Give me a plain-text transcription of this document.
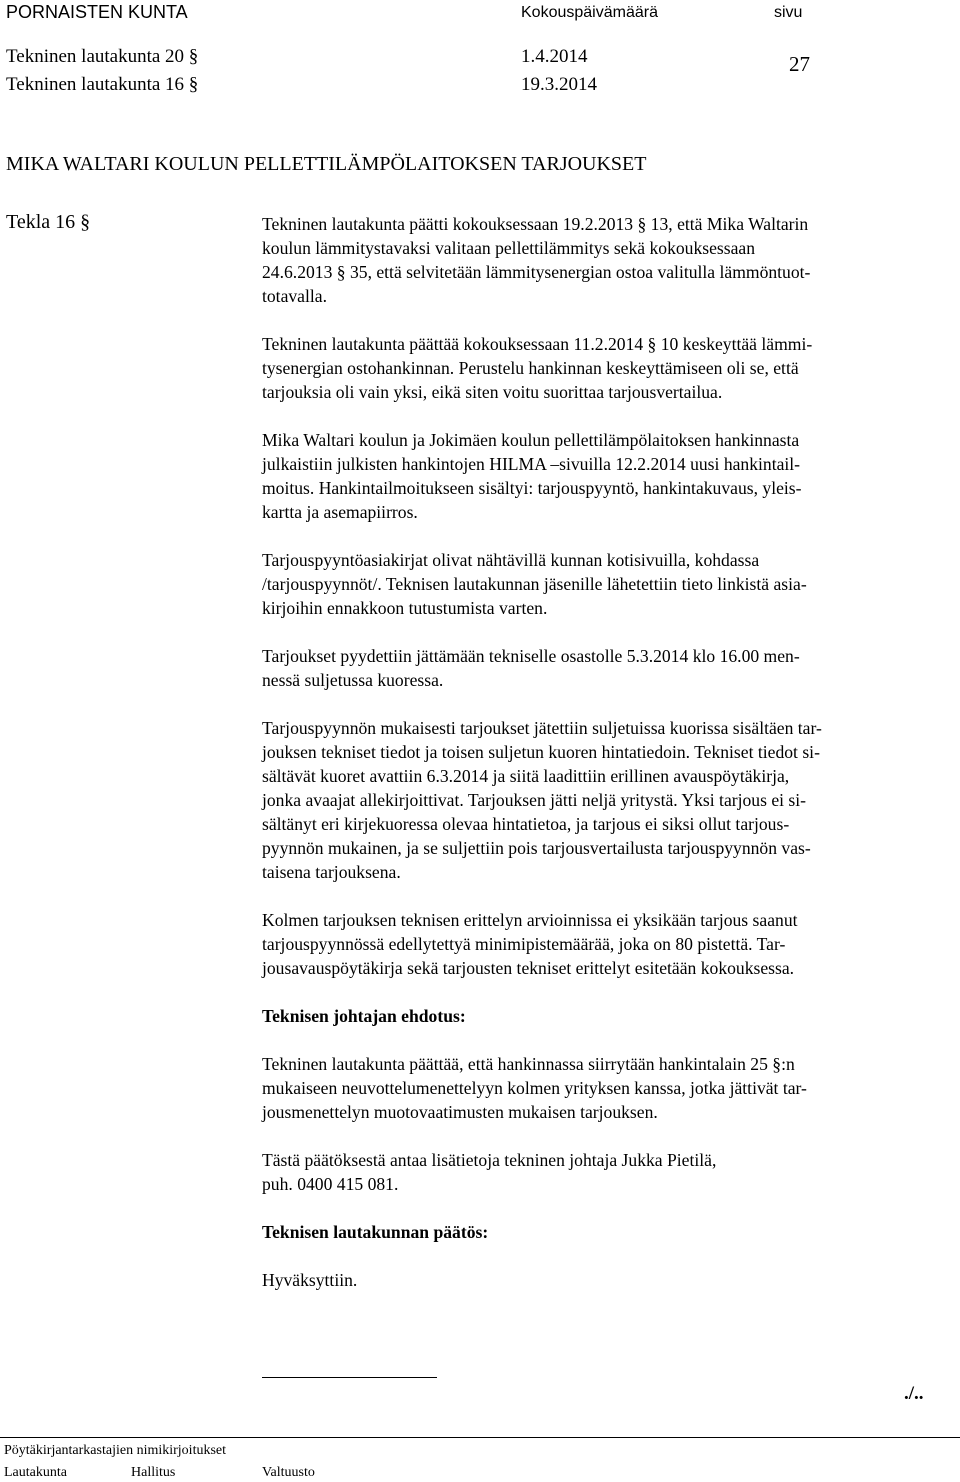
PORNAISTEN KUNTA	Kokouspäivämäärä	sivu
Tekninen lautakunta 20 §	1.4.2014
Tekninen lautakunta 16 §	19.3.2014
27
MIKA WALTARI KOULUN PELLETTILÄMPÖLAITOKSEN TARJOUKSET
Tekla 16 §	Tekninen lautakunta päätti kokouksessaan 19.2.2013 § 13, että Mika Waltarin
koulun lämmitystavaksi valitaan pellettilämmitys sekä kokouksessaan
24.6.2013 § 35, että selvitetään lämmitysenergian ostoa valitulla lämmöntuot-
totavalla.
Tekninen lautakunta päättää kokouksessaan 11.2.2014 § 10 keskeyttää lämmi-
tysenergian ostohankinnan. Perustelu hankinnan keskeyttämiseen oli se, että
tarjouksia oli vain yksi, eikä siten voitu suorittaa tarjousvertailua.
Mika Waltari koulun ja Jokimäen koulun pellettilämpölaitoksen hankinnasta
julkaistiin julkisten hankintojen HILMA –sivuilla 12.2.2014 uusi hankintail-
moitus. Hankintailmoitukseen sisältyi: tarjouspyyntö, hankintakuvaus, yleis-
kartta ja asemapiirros.
Tarjouspyyntöasiakirjat olivat nähtävillä kunnan kotisivuilla, kohdassa
/tarjouspyynnöt/. Teknisen lautakunnan jäsenille lähetettiin tieto linkistä asia-
kirjoihin ennakkoon tutustumista varten.
Tarjoukset pyydettiin jättämään tekniselle osastolle 5.3.2014 klo 16.00 men-
nessä suljetussa kuoressa.
Tarjouspyynnön mukaisesti tarjoukset jätettiin suljetuissa kuorissa sisältäen tar-
jouksen tekniset tiedot ja toisen suljetun kuoren hintatiedoin. Tekniset tiedot si-
sältävät kuoret avattiin 6.3.2014 ja siitä laadittiin erillinen avauspöytäkirja,
jonka avaajat allekirjoittivat. Tarjouksen jätti neljä yritystä. Yksi tarjous ei si-
sältänyt eri kirjekuoressa olevaa hintatietoa, ja tarjous ei siksi ollut tarjous-
pyynnön mukainen, ja se suljettiin pois tarjousvertailusta tarjouspyynnön vas-
taisena tarjouksena.
Kolmen tarjouksen teknisen erittelyn arvioinnissa ei yksikään tarjous saanut
tarjouspyynnössä edellytettyä minimipistemäärää, joka on 80 pistettä. Tar-
jousavauspöytäkirja sekä tarjousten tekniset erittelyt esitetään kokouksessa.
Teknisen johtajan ehdotus:
Tekninen lautakunta päättää, että hankinnassa siirrytään hankintalain 25 §:n
mukaiseen neuvottelumenettelyyn kolmen yrityksen kanssa, jotka jättivät tar-
jousmenettelyn muotovaatimusten mukaisen tarjouksen.
Tästä päätöksestä antaa lisätietoja tekninen johtaja Jukka Pietilä,
puh. 0400 415 081.
Teknisen lautakunnan päätös:
Hyväksyttiin.
./..
Pöytäkirjantarkastajien nimikirjoitukset
Lautakunta	Hallitus	Valtuusto
